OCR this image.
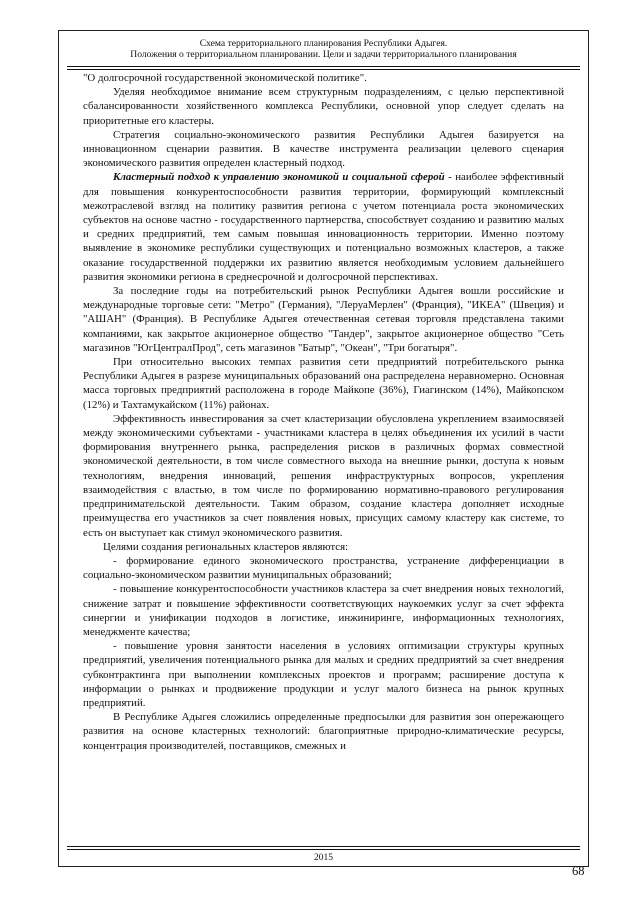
Схема территориального планирования Республики Адыгея.
Положения о территориальном планировании. Цели и задачи территориального планирования

"О долгосрочной государственной экономической политике".

Уделяя необходимое внимание всем структурным подразделениям, с целью перспективной сбалансированности хозяйственного комплекса Республики, основной упор следует сделать на приоритетные его кластеры.

Стратегия социально-экономического развития Республики Адыгея базируется на инновационном сценарии развития. В качестве инструмента реализации целевого сценария экономического развития определен кластерный подход.

Кластерный подход к управлению экономикой и социальной сферой - наиболее эффективный для повышения конкурентоспособности развития территории, формирующий комплексный межотраслевой взгляд на политику развития региона с учетом потенциала роста экономических субъектов на основе частно - государственного партнерства, способствует созданию и развитию малых и средних предприятий, тем самым повышая инновационность территории. Именно поэтому выявление в экономике республики существующих и потенциально возможных кластеров, а также оказание государственной поддержки их развитию является необходимым условием дальнейшего развития экономики региона в среднесрочной и долгосрочной перспективах.

За последние годы на потребительский рынок Республики Адыгея вошли российские и международные торговые сети: "Метро" (Германия), "ЛеруаМерлен" (Франция), "ИКЕА" (Швеция) и "АШАН" (Франция). В Республике Адыгея отечественная сетевая торговля представлена такими компаниями, как закрытое акционерное общество "Тандер", закрытое акционерное общество "Сеть магазинов "ЮгЦентралПрод", сеть магазинов "Батыр", "Океан", "Три богатыря".

При относительно высоких темпах развития сети предприятий потребительского рынка Республики Адыгея в разрезе муниципальных образований она распределена неравномерно. Основная масса торговых предприятий расположена в городе Майкопе (36%), Гиагинском (14%), Майкопском (12%) и Тахтамукайском (11%) районах.

Эффективность инвестирования за счет кластеризации обусловлена укреплением взаимосвязей между экономическими субъектами - участниками кластера в целях объединения их усилий в части формирования внутреннего рынка, распределения рисков в различных формах совместной экономической деятельности, в том числе совместного выхода на внешние рынки, доступа к новым технологиям, внедрения инноваций, решения инфраструктурных вопросов, укрепления взаимодействия с властью, в том числе по формированию нормативно-правового регулирования предпринимательской деятельности. Таким образом, создание кластера дополняет исходные преимущества его участников за счет появления новых, присущих самому кластеру как системе, то есть он выступает как стимул экономического развития.

Целями создания региональных кластеров являются:

- формирование единого экономического пространства, устранение дифференциации в социально-экономическом развитии муниципальных образований;

- повышение конкурентоспособности участников кластера за счет внедрения новых технологий, снижение затрат и повышение эффективности соответствующих наукоемких услуг за счет эффекта синергии и унификации подходов в логистике, инжиниринге, информационных технологиях, менеджменте качества;

- повышение уровня занятости населения в условиях оптимизации структуры крупных предприятий, увеличения потенциального рынка для малых и средних предприятий за счет внедрения субконтрактинга при выполнении комплексных проектов и программ; расширение доступа к информации о рынках и продвижение продукции и услуг малого бизнеса на рынок крупных предприятий.

В Республике Адыгея сложились определенные предпосылки для развития зон опережающего развития на основе кластерных технологий: благоприятные природно-климатические ресурсы, концентрация производителей, поставщиков, смежных и

2015
68
